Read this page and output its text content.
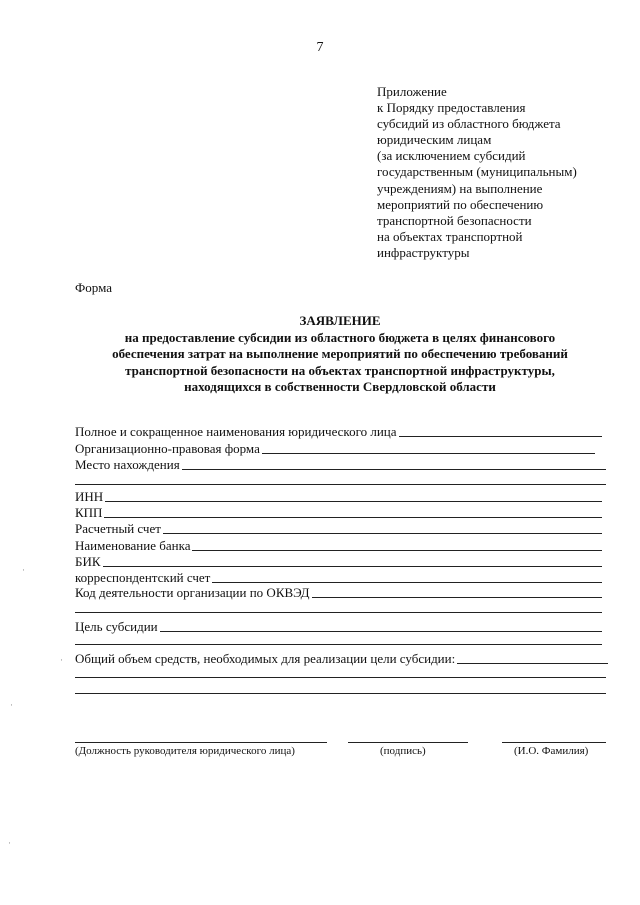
7
Приложение
к Порядку предоставления
субсидий из областного бюджета
юридическим лицам
(за исключением субсидий
государственным (муниципальным)
учреждениям) на выполнение
мероприятий по обеспечению
транспортной безопасности
на объектах транспортной
инфраструктуры
Форма
ЗАЯВЛЕНИЕ
на предоставление субсидии из областного бюджета в целях финансового
обеспечения затрат на выполнение мероприятий по обеспечению требований
транспортной безопасности на объектах транспортной инфраструктуры,
находящихся в собственности Свердловской области
Полное и сокращенное наименования юридического лица
Организационно-правовая форма
Место нахождения
ИНН
КПП
Расчетный счет
Наименование банка
БИК
корреспондентский счет
Код деятельности организации по ОКВЭД
Цель субсидии
Общий объем средств, необходимых для реализации цели субсидии:
(Должность руководителя юридического лица)	(подпись)	(И.О. Фамилия)
·
·
·
·
